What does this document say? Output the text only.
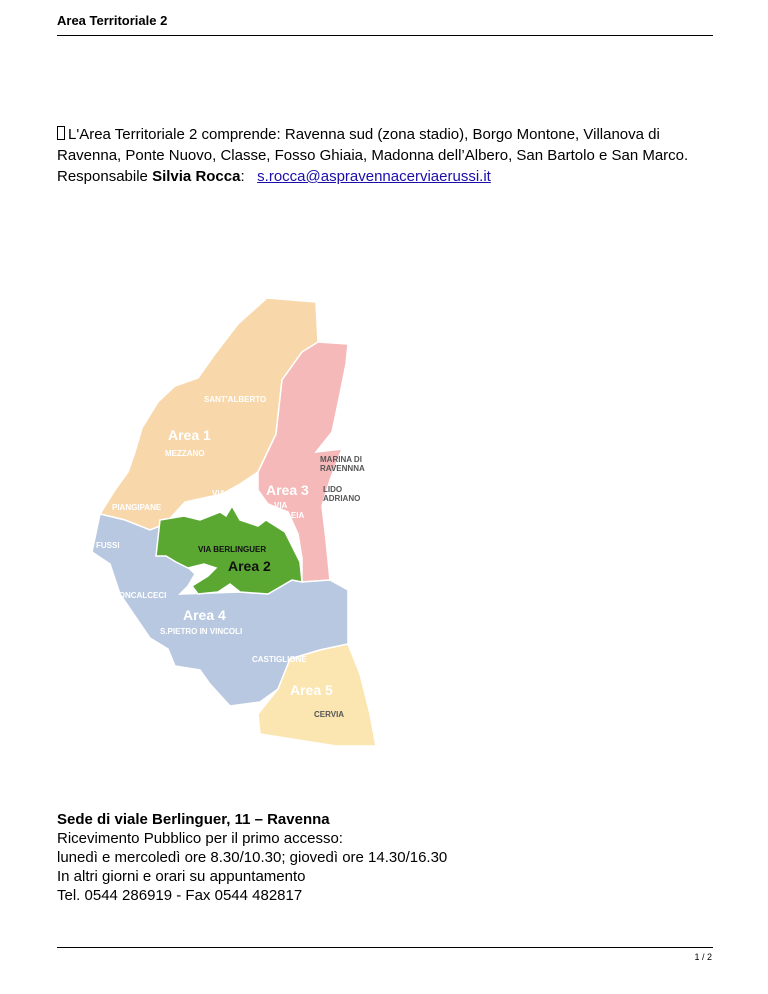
Area Territoriale 2
L'Area Territoriale 2 comprende: Ravenna sud (zona stadio), Borgo Montone, Villanova di Ravenna, Ponte Nuovo, Classe, Fosso Ghiaia, Madonna dell’Albero, San Bartolo e San Marco. Responsabile Silvia Rocca: s.rocca@aspravennacerviaerussi.it
SANT'ALBERTO
Area 1
MEZZANO
VIA
MAGGIORE
PIANGIPANE
Area 3
VIA
AQUILEIA
FUSSI
RONCALCECI
Area 4
S.PIETRO IN VINCOLI
CASTIGLIONE
Area 5
CERVIA
MARINA DI
RAVENNNA
LIDO
ADRIANO
VIA BERLINGUER
Area 2
Sede di viale Berlinguer, 11 – Ravenna
Ricevimento Pubblico per il primo accesso:
lunedì e mercoledì ore 8.30/10.30; giovedì ore 14.30/16.30
In altri giorni e orari su appuntamento
Tel. 0544 286919 - Fax 0544 482817
1 / 2
